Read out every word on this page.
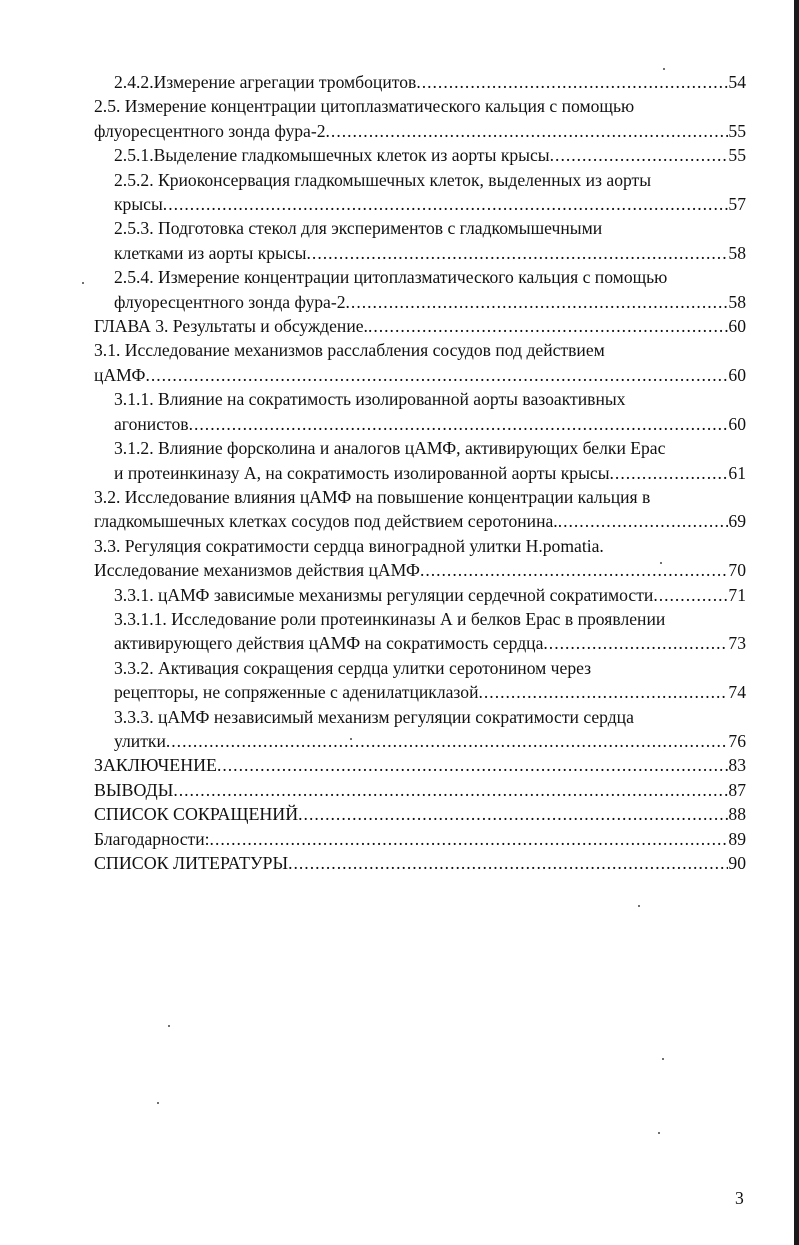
2.4.2.Измерение агрегации тромбоцитов .....	54
2.5. Измерение концентрации цитоплазматического кальция с помощью
флуоресцентного зонда фура-2 .....	55
2.5.1.Выделение гладкомышечных клеток из аорты крысы .....	55
2.5.2. Криоконсервация гладкомышечных клеток, выделенных из аорты
крысы .....	57
2.5.3. Подготовка стекол для экспериментов с гладкомышечными
клетками из аорты крысы .....	58
2.5.4. Измерение концентрации цитоплазматического кальция с помощью
флуоресцентного зонда фура-2 .....	58
ГЛАВА 3. Результаты и обсуждение. .....	60
3.1. Исследование механизмов расслабления сосудов под действием
цАМФ .....	60
3.1.1. Влияние на сократимость изолированной аорты вазоактивных
агонистов .....	60
3.1.2. Влияние форсколина и аналогов цАМФ, активирующих белки Epac
и протеинкиназу А, на сократимость изолированной аорты крысы .....	61
3.2. Исследование влияния цАМФ на повышение концентрации кальция в
гладкомышечных клетках сосудов под действием серотонина. .....	69
3.3. Регуляция сократимости сердца виноградной улитки H.pomatia.
Исследование механизмов действия цАМФ .....	70
3.3.1. цАМФ зависимые механизмы регуляции сердечной сократимости .....	71
3.3.1.1. Исследование роли протеинкиназы А и белков Epac в проявлении
активирующего действия цАМФ на сократимость сердца .....	73
3.3.2. Активация сокращения сердца улитки серотонином через
рецепторы, не сопряженные с аденилатциклазой .....	74
3.3.3. цАМФ независимый механизм регуляции сократимости сердца
улитки .....	76
ЗАКЛЮЧЕНИЕ .....	83
ВЫВОДЫ .....	87
СПИСОК СОКРАЩЕНИЙ .....	88
Благодарности: .....	89
СПИСОК ЛИТЕРАТУРЫ .....	90
3
